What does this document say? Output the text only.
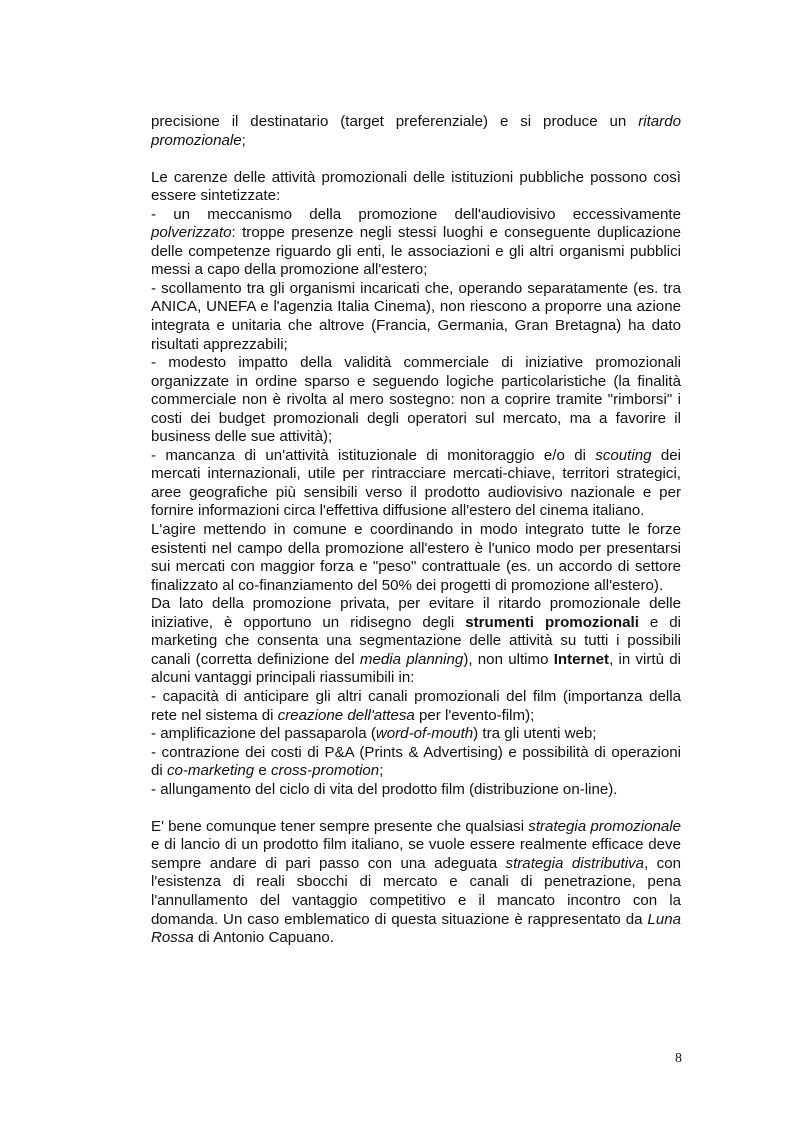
precisione il destinatario (target preferenziale) e si produce un ritardo promozionale;

Le carenze delle attività promozionali delle istituzioni pubbliche possono così essere sintetizzate:

- un meccanismo della promozione dell'audiovisivo eccessivamente polverizzato: troppe presenze negli stessi luoghi e conseguente duplicazione delle competenze riguardo gli enti, le associazioni e gli altri organismi pubblici messi a capo della promozione all'estero;

- scollamento tra gli organismi incaricati che, operando separatamente (es. tra ANICA, UNEFA e l'agenzia Italia Cinema), non riescono a proporre una azione integrata e unitaria che altrove (Francia, Germania, Gran Bretagna) ha dato risultati apprezzabili;

- modesto impatto della validità commerciale di iniziative promozionali organizzate in ordine sparso e seguendo logiche particolaristiche (la finalità commerciale non è rivolta al mero sostegno: non a coprire tramite "rimborsi" i costi dei budget promozionali degli operatori sul mercato, ma a favorire il business delle sue attività);

- mancanza di un'attività istituzionale di monitoraggio e/o di scouting dei mercati internazionali, utile per rintracciare mercati-chiave, territori strategici, aree geografiche più sensibili verso il prodotto audiovisivo nazionale e per fornire informazioni circa l'effettiva diffusione all'estero del cinema italiano.

L'agire mettendo in comune e coordinando in modo integrato tutte le forze esistenti nel campo della promozione all'estero è l'unico modo per presentarsi sui mercati con maggior forza e "peso" contrattuale (es. un accordo di settore finalizzato al co-finanziamento del 50% dei progetti di promozione all'estero).

Da lato della promozione privata, per evitare il ritardo promozionale delle iniziative, è opportuno un ridisegno degli strumenti promozionali e di marketing che consenta una segmentazione delle attività su tutti i possibili canali (corretta definizione del media planning), non ultimo Internet, in virtù di alcuni vantaggi principali riassumibili in:

- capacità di anticipare gli altri canali promozionali del film (importanza della rete nel sistema di creazione dell'attesa per l'evento-film);

- amplificazione del passaparola (word-of-mouth) tra gli utenti web;

- contrazione dei costi di P&A (Prints & Advertising) e possibilità di operazioni di co-marketing e cross-promotion;

- allungamento del ciclo di vita del prodotto film (distribuzione on-line).

E' bene comunque tener sempre presente che qualsiasi strategia promozionale e di lancio di un prodotto film italiano, se vuole essere realmente efficace deve sempre andare di pari passo con una adeguata strategia distributiva, con l'esistenza di reali sbocchi di mercato e canali di penetrazione, pena l'annullamento del vantaggio competitivo e il mancato incontro con la domanda. Un caso emblematico di questa situazione è rappresentato da Luna Rossa di Antonio Capuano.

8
